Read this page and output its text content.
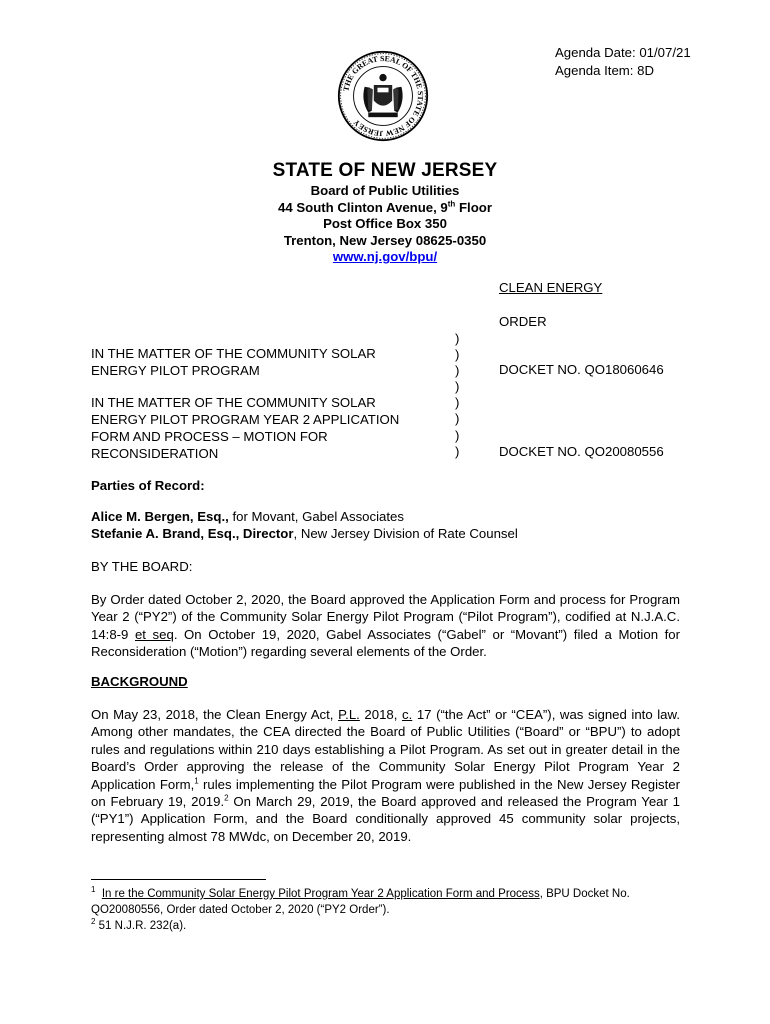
Agenda Date: 01/07/21
Agenda Item: 8D
THE GREAT SEAL OF THE STATE OF NEW JERSEY
STATE OF NEW JERSEY
Board of Public Utilities
44 South Clinton Avenue, 9th Floor
Post Office Box 350
Trenton, New Jersey 08625-0350
www.nj.gov/bpu/
CLEAN ENERGY
ORDER
IN THE MATTER OF THE COMMUNITY SOLAR
ENERGY PILOT PROGRAM	DOCKET NO. QO18060646
IN THE MATTER OF THE COMMUNITY SOLAR
ENERGY PILOT PROGRAM YEAR 2 APPLICATION
FORM AND PROCESS – MOTION FOR
RECONSIDERATION	DOCKET NO. QO20080556
)
)
)
)
)
)
)
)
Parties of Record:
Alice M. Bergen, Esq., for Movant, Gabel Associates
Stefanie A. Brand, Esq., Director, New Jersey Division of Rate Counsel
BY THE BOARD:
By Order dated October 2, 2020, the Board approved the Application Form and process for Program Year 2 (“PY2”) of the Community Solar Energy Pilot Program (“Pilot Program”), codified at N.J.A.C. 14:8-9 et seq. On October 19, 2020, Gabel Associates (“Gabel” or “Movant”) filed a Motion for Reconsideration (“Motion”) regarding several elements of the Order.
BACKGROUND
On May 23, 2018, the Clean Energy Act, P.L. 2018, c. 17 (“the Act” or “CEA”), was signed into law. Among other mandates, the CEA directed the Board of Public Utilities (“Board” or “BPU”) to adopt rules and regulations within 210 days establishing a Pilot Program. As set out in greater detail in the Board’s Order approving the release of the Community Solar Energy Pilot Program Year 2 Application Form,$^1$ rules implementing the Pilot Program were published in the New Jersey Register on February 19, 2019.$^2$ On March 29, 2019, the Board approved and released the Program Year 1 (“PY1”) Application Form, and the Board conditionally approved 45 community solar projects, representing almost 78 MWdc, on December 20, 2019.
$^1$ In re the Community Solar Energy Pilot Program Year 2 Application Form and Process, BPU Docket No. QO20080556, Order dated October 2, 2020 (“PY2 Order”).
$^2$ 51 N.J.R. 232(a).
